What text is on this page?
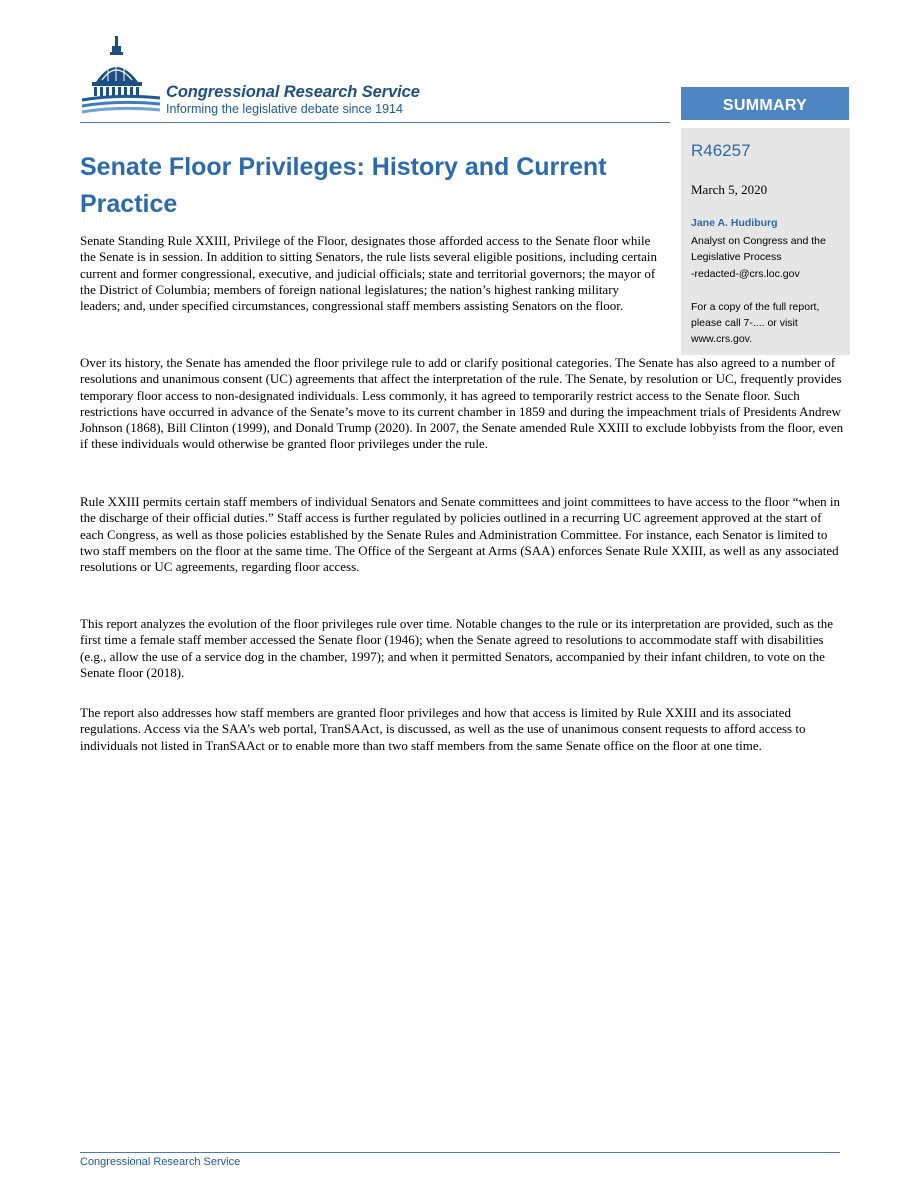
Congressional Research Service

Informing the legislative debate since 1914	SUMMARY

R46257

March 5, 2020

Jane A. Hudiburg

Analyst on Congress and the Legislative Process

-redacted-@crs.loc.gov

For a copy of the full report, please call 7-.... or visit www.crs.gov.

Senate Floor Privileges: History and Current Practice

Senate Standing Rule XXIII, Privilege of the Floor, designates those afforded access to the Senate floor while the Senate is in session. In addition to sitting Senators, the rule lists several eligible positions, including certain current and former congressional, executive, and judicial officials; state and territorial governors; the mayor of the District of Columbia; members of foreign national legislatures; the nation’s highest ranking military leaders; and, under specified circumstances, congressional staff members assisting Senators on the floor.

Over its history, the Senate has amended the floor privilege rule to add or clarify positional categories. The Senate has also agreed to a number of resolutions and unanimous consent (UC) agreements that affect the interpretation of the rule. The Senate, by resolution or UC, frequently provides temporary floor access to non-designated individuals. Less commonly, it has agreed to temporarily restrict access to the Senate floor. Such restrictions have occurred in advance of the Senate’s move to its current chamber in 1859 and during the impeachment trials of Presidents Andrew Johnson (1868), Bill Clinton (1999), and Donald Trump (2020). In 2007, the Senate amended Rule XXIII to exclude lobbyists from the floor, even if these individuals would otherwise be granted floor privileges under the rule.

Rule XXIII permits certain staff members of individual Senators and Senate committees and joint committees to have access to the floor “when in the discharge of their official duties.” Staff access is further regulated by policies outlined in a recurring UC agreement approved at the start of each Congress, as well as those policies established by the Senate Rules and Administration Committee. For instance, each Senator is limited to two staff members on the floor at the same time. The Office of the Sergeant at Arms (SAA) enforces Senate Rule XXIII, as well as any associated resolutions or UC agreements, regarding floor access.

This report analyzes the evolution of the floor privileges rule over time. Notable changes to the rule or its interpretation are provided, such as the first time a female staff member accessed the Senate floor (1946); when the Senate agreed to resolutions to accommodate staff with disabilities (e.g., allow the use of a service dog in the chamber, 1997); and when it permitted Senators, accompanied by their infant children, to vote on the Senate floor (2018).

The report also addresses how staff members are granted floor privileges and how that access is limited by Rule XXIII and its associated regulations. Access via the SAA’s web portal, TranSAAct, is discussed, as well as the use of unanimous consent requests to afford access to individuals not listed in TranSAAct or to enable more than two staff members from the same Senate office on the floor at one time.

Congressional Research Service
